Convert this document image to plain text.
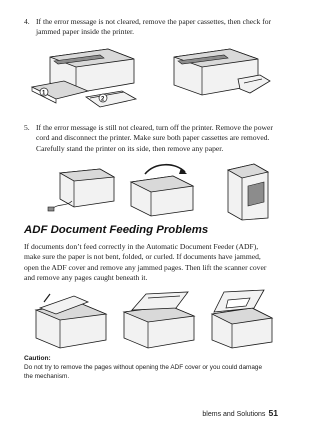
4. If the error message is not cleared, remove the paper cassettes, then check for
jammed paper inside the printer.
1
2
5. If the error message is still not cleared, turn off the printer. Remove the power
cord and disconnect the printer. Make sure both paper cassettes are removed.
Carefully stand the printer on its side, then remove any paper.
ADF Document Feeding Problems
If documents don’t feed correctly in the Automatic Document Feeder (ADF),
make sure the paper is not bent, folded, or curled. If documents have jammed,
open the ADF cover and remove any jammed pages. Then lift the scanner cover
and remove any pages caught beneath it.
Caution:
Do not try to remove the pages without opening the ADF cover or you could damage
the mechanism.
blems and Solutions 51
